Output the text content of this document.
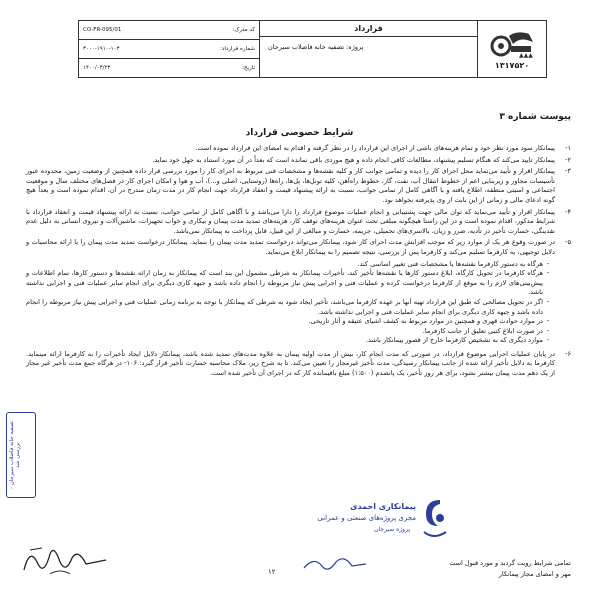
CO-FR-095/01	کد مدرک:
۳۰۰۰-۱۹۱۰-۱۰۳	شماره قرارداد:
۱۴۰۰/۰۳/۲۳	تاریخ:
قرارداد
پروژه: تصفیه خانه فاضلاب سیرجان
▲▲▲
۱۳۱۷۵۲۰
پیوست شماره ۳
شرایط خصوصی قرارداد
۱-
پیمانکار سود مورد نظر خود و تمام هزینه‌های ناشی از اجرای این قرارداد را در نظر گرفته و اقدام به امضای این قرارداد نموده است.
۲-
پیمانکار تایید می‌کند که هنگام تسلیم پیشنهاد، مطالعات کافی انجام داده و هیچ موردی باقی نمانده است که بعداً در آن مورد استناد به جهل خود نماید.
۳-
پیمانکار اقرار و تأیید می‌نماید محل اجرای کار را دیده و تمامی جوانب کار و کلیه نقشه‌ها و مشخصات فنی مربوط به اجرای کار را مورد بررسی قرار داده همچنین از وضعیت زمین، محدوده عبور تأسیسات مجاور و زیربنایی اعم از خطوط انتقال آب، نفت، گاز، خطوط راه‌آهن، کلیه تونل‌ها، پل‌ها، راه‌ها (روستایی، اصلی و...)، آب و هوا و امکان اجرای کار در فصل‌های مختلف سال و موقعیت اجتماعی و امنیتی منطقه، اطلاع یافته و با آگاهی کامل از تمامی جوانب، نسبت به ارائه پیشنهاد قیمت و انعقاد قرارداد جهت انجام کار در مدت زمان مندرج در آن، اقدام نموده است و بعداً هیچ گونه ادعای مالی و زمانی از این بابت از وی پذیرفته نخواهد بود.
۴-
پیمانکار اقرار و تأیید می‌نماید که توان مالی جهت پشتیبانی و انجام عملیات موضوع قرارداد را دارا می‌باشد و با آگاهی کامل از تمامی جوانب، نسبت به ارائه پیشنهاد قیمت و انعقاد قرارداد با شرایط مذکور، اقدام نموده است و در این راستا هیچگونه مبلغی تحت عنوان هزینه‌های توقف کار، هزینه‌های تمدید مدت پیمان و بیکاری و خواب تجهیزات، ماشین‌آلات و نیروی انسانی به دلیل عدم نقدینگی، خسارت تأخیر در تأدیه، ضرر و زیان، بالاسری‌های تحمیلی، جریمه، خسارت و مبالغی از این قبیل، قابل پرداخت به پیمانکار نمی‌باشد.
۵-
در صورت وقوع هر یک از موارد زیر که موجب افزایش مدت اجرای کار شود، پیمانکار می‌تواند درخواست تمدید مدت پیمان را بنماید. پیمانکار درخواست تمدید مدت پیمان را با ارائه محاسبات و دلایل توجیهی، به کارفرما تسلیم می‌کند و کارفرما پس از بررسی، نتیجه تصمیم را به پیمانکار ابلاغ می‌نماید.
- هرگاه به دستور کارفرما نقشه‌ها یا مشخصات فنی تغییر اساسی کند.
- هرگاه کارفرما در تحویل کارگاه، ابلاغ دستور کارها یا نقشه‌ها تأخیر کند، تأخیرات پیمانکار به شرطی مشمول این بند است که پیمانکار به زمان ارائه نقشه‌ها و دستور کارها، تمام اطلاعات و پیش‌بینی‌های لازم را به موقع از کارفرما درخواست کرده و عملیات فنی و اجرایی پیش نیاز مربوطه را انجام داده باشد و جبهه کاری دیگری برای انجام سایر عملیات فنی و اجرایی نداشته باشد.
- اگر در تحویل مصالحی که طبق این قرارداد تهیه آنها بر عهده کارفرما می‌باشد، تأخیر ایجاد شود به شرطی که پیمانکار با توجه به برنامه زمانی عملیات فنی و اجرایی پیش نیاز مربوطه را انجام داده باشد و جبهه کاری دیگری برای انجام سایر عملیات فنی و اجرایی نداشته باشد.
- در موارد حوادث قهری و همچنین در موارد مربوط به کشف اشیای عتیقه و آثار تاریخی.
- در صورت ابلاغ کتبی تعلیق از جانب کارفرما.
- موارد دیگری که به تشخیص کارفرما خارج از قصور پیمانکار باشد.
۶-
در پایان عملیات اجرایی موضوع قرارداد، در صورتی که مدت انجام کار، بیش از مدت اولیه پیمان به علاوه مدت‌های تمدید شده باشد، پیمانکار دلایل ایجاد تأخیرات را به کارفرما ارائه مینماید. کارفرما به دلایل تأخیر ارائه شده از جانب پیمانکار رسیدگی، مدت تأخیر غیرمجاز را تعیین می‌کند. تا به شرح زیر، ملاک محاسبه خسارت تأخیر قرار گیرد: ۱۰۶- در هرگاه جمع مدت تأخیر غیر مجاز از یک دهم مدت پیمان بیشتر نشود، برای هر روز تأخیر، یک پانصدم (۱:۵۰۰) مبلغ باقیمانده کار که در اجرای آن تأخیر شده است.
پیمانکاری احمدی
مجری پروژه‌های صنعتی و عمرانی
پروژه سیرجان
تصفیه خانه فاضلاب سیرجان - بررسی شد
۱۲
تمامی شرایط رویت گردید و مورد قبول است
مهر و امضای مجاز پیمانکار
